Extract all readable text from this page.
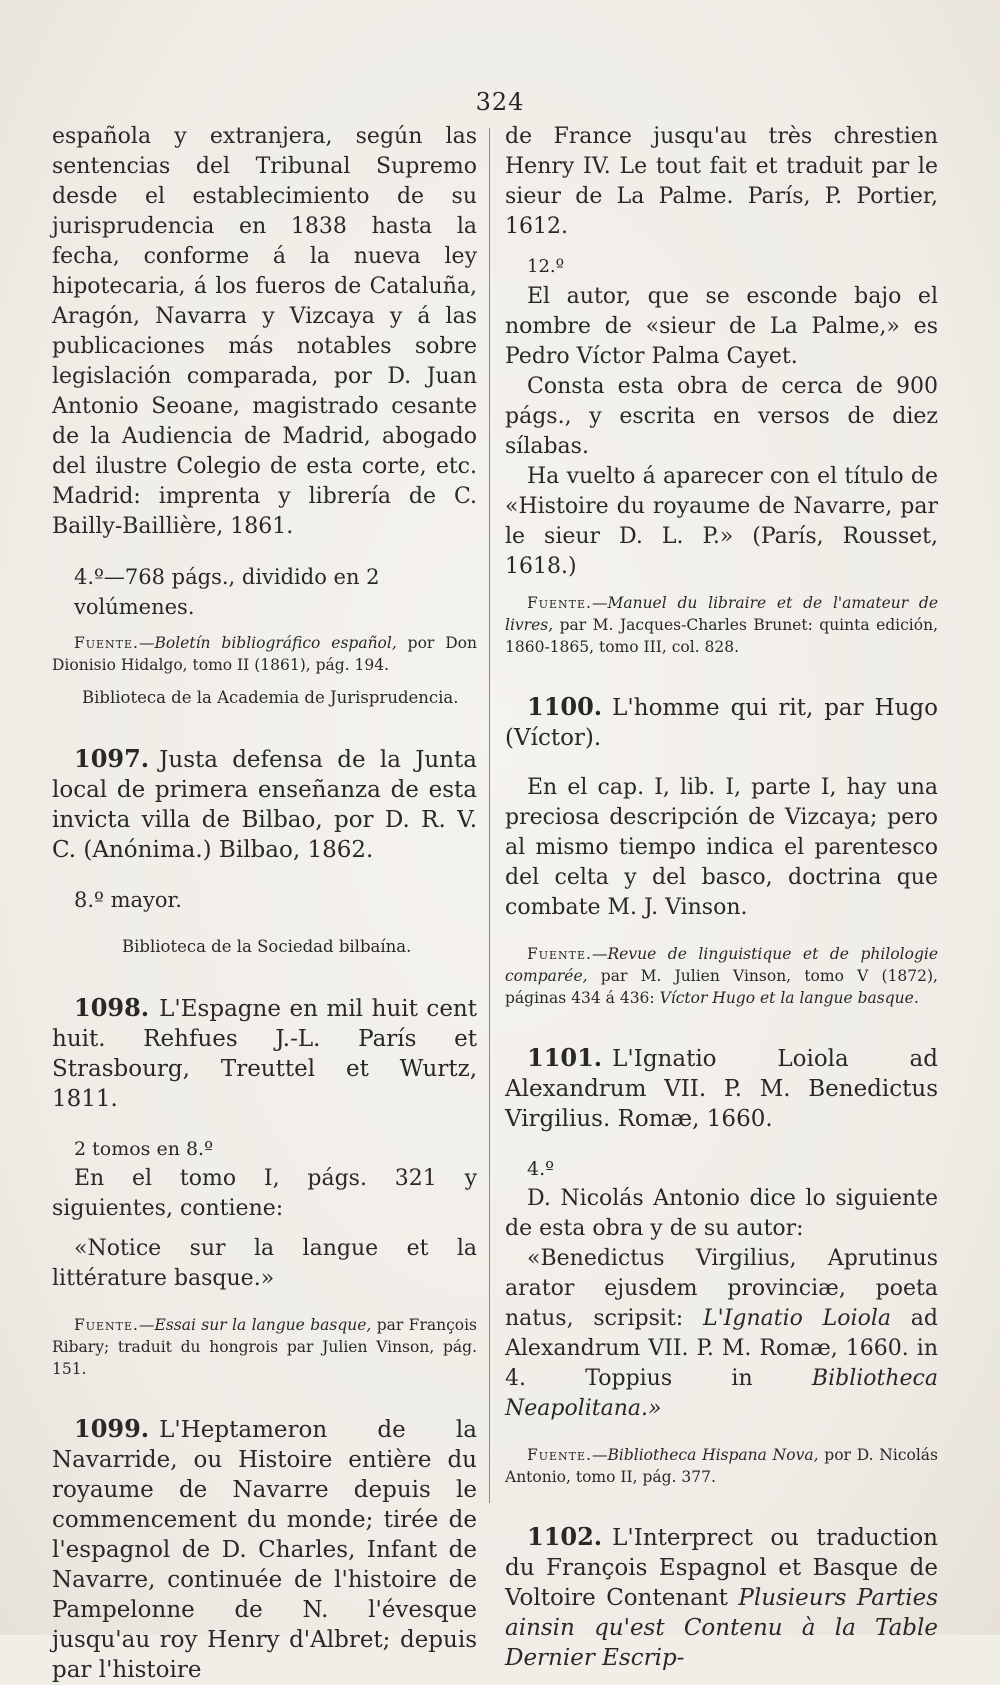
324

española y extranjera, según las sentencias del Tribunal Supremo desde el establecimiento de su jurisprudencia en 1838 hasta la fecha, conforme á la nueva ley hipotecaria, á los fueros de Cataluña, Aragón, Navarra y Vizcaya y á las publicaciones más notables sobre legislación comparada, por D. Juan Antonio Seoane, magistrado cesante de la Audiencia de Madrid, abogado del ilustre Colegio de esta corte, etc. Madrid: imprenta y librería de C. Bailly-Baillière, 1861.

4.º—768 págs., dividido en 2 volúmenes.

Fuente.—Boletín bibliográfico español, por Don Dionisio Hidalgo, tomo II (1861), pág. 194.

Biblioteca de la Academia de Jurisprudencia.

1097. Justa defensa de la Junta local de primera enseñanza de esta invicta villa de Bilbao, por D. R. V. C. (Anónima.) Bilbao, 1862.

8.º mayor.

Biblioteca de la Sociedad bilbaína.

1098. L'Espagne en mil huit cent huit. Rehfues J.-L. París et Strasbourg, Treuttel et Wurtz, 1811.

2 tomos en 8.º

En el tomo I, págs. 321 y siguientes, contiene:

«Notice sur la langue et la littérature basque.»

Fuente.—Essai sur la langue basque, par François Ribary; traduit du hongrois par Julien Vinson, pág. 151.

1099. L'Heptameron de la Navarride, ou Histoire entière du royaume de Navarre depuis le commencement du monde; tirée de l'espagnol de D. Charles, Infant de Navarre, continuée de l'histoire de Pampelonne de N. l'évesque jusqu'au roy Henry d'Albret; depuis par l'histoire

de France jusqu'au très chrestien Henry IV. Le tout fait et traduit par le sieur de La Palme. París, P. Portier, 1612.

12.º

El autor, que se esconde bajo el nombre de «sieur de La Palme,» es Pedro Víctor Palma Cayet.

Consta esta obra de cerca de 900 págs., y escrita en versos de diez sílabas.

Ha vuelto á aparecer con el título de «Histoire du royaume de Navarre, par le sieur D. L. P.» (París, Rousset, 1618.)

Fuente.—Manuel du libraire et de l'amateur de livres, par M. Jacques-Charles Brunet: quinta edición, 1860-1865, tomo III, col. 828.

1100. L'homme qui rit, par Hugo (Víctor).

En el cap. I, lib. I, parte I, hay una preciosa descripción de Vizcaya; pero al mismo tiempo indica el parentesco del celta y del basco, doctrina que combate M. J. Vinson.

Fuente.—Revue de linguistique et de philologie comparée, par M. Julien Vinson, tomo V (1872), páginas 434 á 436: Víctor Hugo et la langue basque.

1101. L'Ignatio Loiola ad Alexandrum VII. P. M. Benedictus Virgilius. Romæ, 1660.

4.º

D. Nicolás Antonio dice lo siguiente de esta obra y de su autor:

«Benedictus Virgilius, Aprutinus arator ejusdem provinciæ, poeta natus, scripsit: L'Ignatio Loiola ad Alexandrum VII. P. M. Romæ, 1660. in 4. Toppius in	Bibliotheca Neapolitana.»

Fuente.—Bibliotheca Hispana Nova, por D. Nicolás Antonio, tomo II, pág. 377.

1102. L'Interprect ou traduction du François Espagnol et Basque de Voltoire Contenant Plusieurs Parties ainsin qu'est Contenu à la Table Dernier Escrip-
